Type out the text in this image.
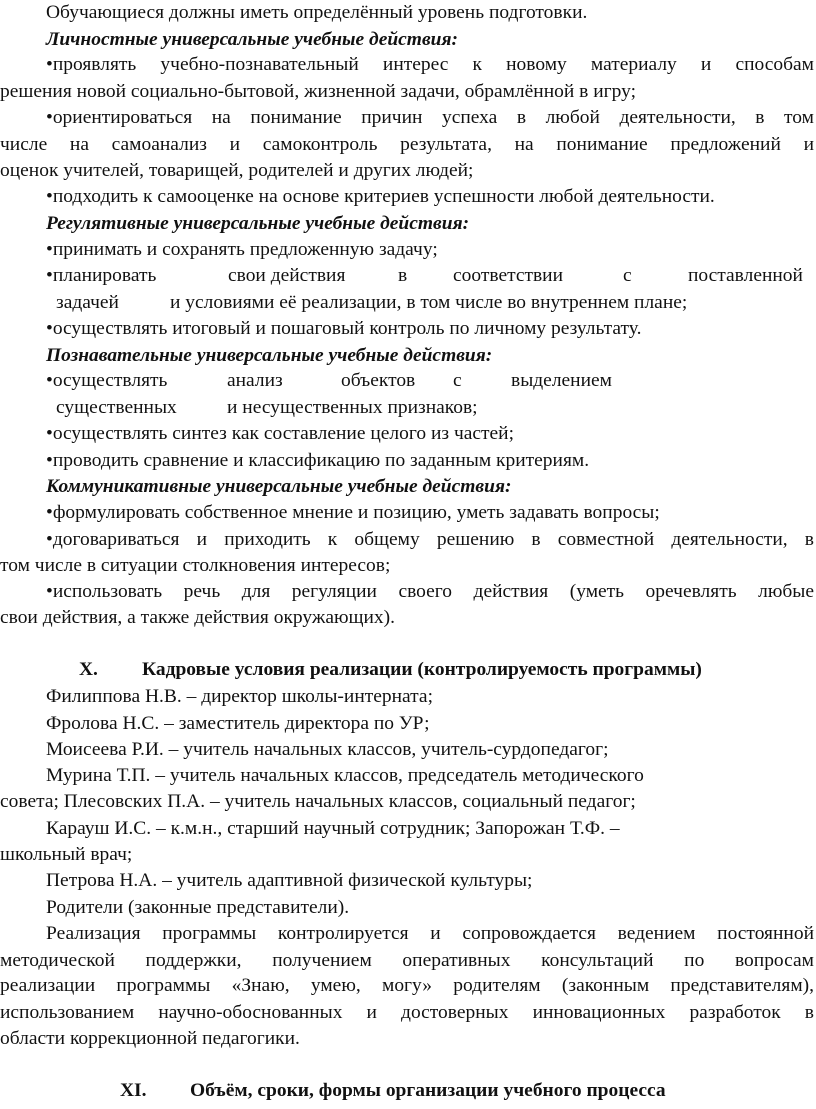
Обучающиеся должны иметь определённый уровень подготовки.
Личностные универсальные учебные действия:
•проявлять учебно-познавательный интерес к новому материалу и способам
решения новой социально-бытовой, жизненной задачи, обрамлённой в игру;
•ориентироваться на понимание причин успеха в любой деятельности, в том
числе на самоанализ и самоконтроль результата, на понимание предложений и
оценок учителей, товарищей, родителей и других людей;
•подходить к самооценке на основе критериев успешности любой деятельности.
Регулятивные универсальные учебные действия:
•принимать и сохранять предложенную задачу;
•планировать	свои действия	в соответствии	с	поставленной
задачей	и условиями её реализации, в том числе во внутреннем плане;
•осуществлять итоговый и пошаговый контроль по личному результату.
Познавательные универсальные учебные действия:
•осуществлять	анализ	объектов с	выделением
существенных	и несущественных признаков;
•осуществлять синтез как составление целого из частей;
•проводить сравнение и классификацию по заданным критериям.
Коммуникативные универсальные учебные действия:
•формулировать собственное мнение и позицию, уметь задавать вопросы;
•договариваться и приходить к общему решению в совместной деятельности, в
том числе в ситуации столкновения интересов;
•использовать речь для регуляции своего действия (уметь оречевлять любые
свои действия, а также действия окружающих).
X. Кадровые условия реализации (контролируемость программы)
Филиппова Н.В. – директор школы-интерната;
Фролова Н.С. – заместитель директора по УР;
Моисеева Р.И. – учитель начальных классов, учитель-сурдопедагог;
Мурина Т.П. – учитель начальных классов, председатель методического
совета; Плесовских П.А. – учитель начальных классов, социальный педагог;
Карауш И.С. – к.м.н., старший научный сотрудник; Запорожан Т.Ф. –
школьный врач;
Петрова Н.А. – учитель адаптивной физической культуры;
Родители (законные представители).
Реализация программы контролируется и сопровождается ведением постоянной
методической поддержки, получением оперативных консультаций по вопросам
реализации программы «Знаю, умею, могу» родителям (законным представителям),
использованием научно-обоснованных и достоверных инновационных разработок в
области коррекционной педагогики.
XI. Объём, сроки, формы организации учебного процесса
